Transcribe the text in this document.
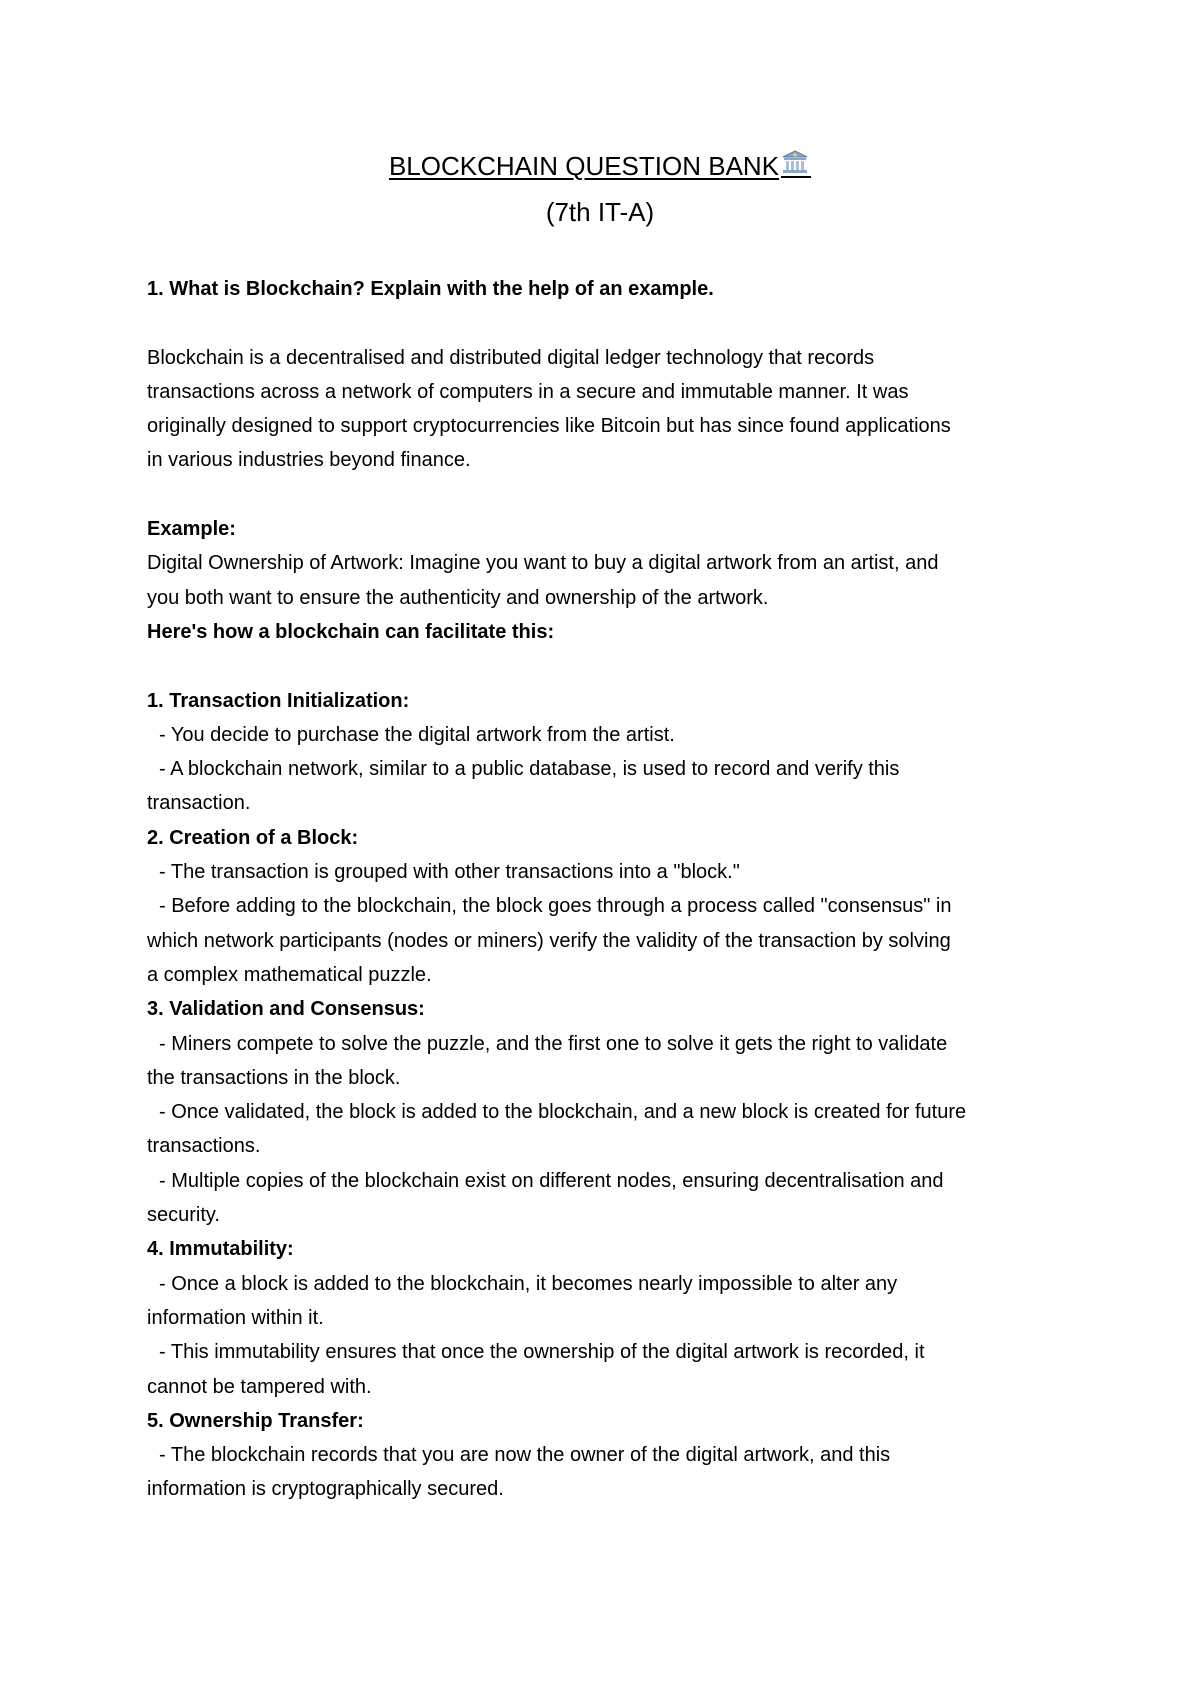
BLOCKCHAIN QUESTION BANK
(7th IT-A)
1. What is Blockchain? Explain with the help of an example.
Blockchain is a decentralised and distributed digital ledger technology that records
transactions across a network of computers in a secure and immutable manner. It was
originally designed to support cryptocurrencies like Bitcoin but has since found applications
in various industries beyond finance.
Example:
Digital Ownership of Artwork: Imagine you want to buy a digital artwork from an artist, and
you both want to ensure the authenticity and ownership of the artwork.
Here's how a blockchain can facilitate this:
1. Transaction Initialization:
- You decide to purchase the digital artwork from the artist.
- A blockchain network, similar to a public database, is used to record and verify this
transaction.
2. Creation of a Block:
- The transaction is grouped with other transactions into a "block."
- Before adding to the blockchain, the block goes through a process called "consensus" in
which network participants (nodes or miners) verify the validity of the transaction by solving
a complex mathematical puzzle.
3. Validation and Consensus:
- Miners compete to solve the puzzle, and the first one to solve it gets the right to validate
the transactions in the block.
- Once validated, the block is added to the blockchain, and a new block is created for future
transactions.
- Multiple copies of the blockchain exist on different nodes, ensuring decentralisation and
security.
4. Immutability:
- Once a block is added to the blockchain, it becomes nearly impossible to alter any
information within it.
- This immutability ensures that once the ownership of the digital artwork is recorded, it
cannot be tampered with.
5. Ownership Transfer:
- The blockchain records that you are now the owner of the digital artwork, and this
information is cryptographically secured.
